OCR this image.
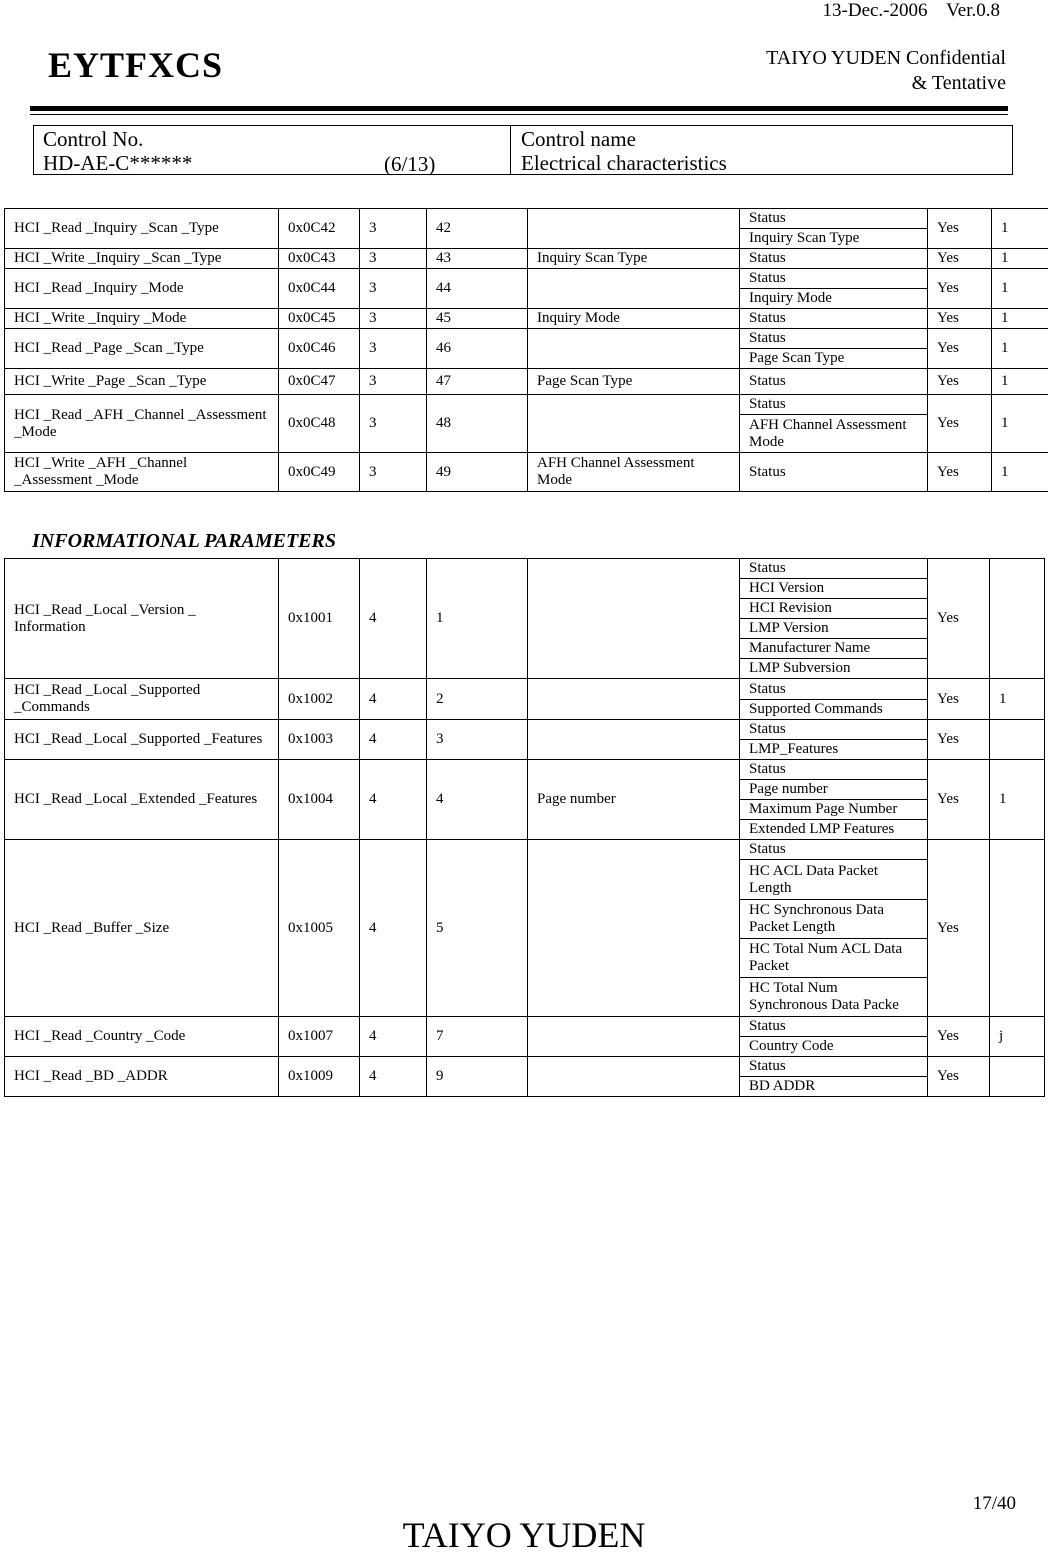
13-Dec.-2006    Ver.0.8
EYTFXCS	TAIYO YUDEN Confidential
& Tentative
Control No.
HD-AE-C******	(6/13)
Control name
Electrical characteristics
HCI _Read _Inquiry _Scan _Type	0x0C42	3	42		Status	Yes	1
					Inquiry Scan Type		
HCI _Write _Inquiry _Scan _Type	0x0C43	3	43	Inquiry Scan Type	Status	Yes	1
HCI _Read _Inquiry _Mode	0x0C44	3	44		Status	Yes	1
					Inquiry Mode		
HCI _Write _Inquiry _Mode	0x0C45	3	45	Inquiry Mode	Status	Yes	1
HCI _Read _Page _Scan _Type	0x0C46	3	46		Status	Yes	1
					Page Scan Type		
HCI _Write _Page _Scan _Type	0x0C47	3	47	Page Scan Type	Status	Yes	1
HCI _Read _AFH _Channel _Assessment _Mode	0x0C48	3	48		Status	Yes	1
					AFH Channel Assessment Mode		
HCI _Write _AFH _Channel _Assessment _Mode	0x0C49	3	49	AFH Channel Assessment Mode	Status	Yes	1
INFORMATIONAL PARAMETERS
HCI _Read _Local _Version _ Information	0x1001	4	1		Status	Yes	
					HCI Version		
					HCI Revision		
					LMP Version		
					Manufacturer Name		
					LMP Subversion		
HCI _Read _Local _Supported _Commands	0x1002	4	2		Status	Yes	1
					Supported Commands		
HCI _Read _Local _Supported _Features	0x1003	4	3		Status	Yes	
					LMP_Features		
HCI _Read _Local _Extended _Features	0x1004	4	4	Page number	Status	Yes	1
					Page number		
					Maximum Page Number		
					Extended LMP Features		
HCI _Read _Buffer _Size	0x1005	4	5		Status	Yes	
					HC ACL Data Packet Length		
					HC Synchronous Data Packet Length		
					HC Total Num ACL Data Packet		
					HC Total Num Synchronous Data Packe		
HCI _Read _Country _Code	0x1007	4	7		Status	Yes	j
					Country Code		
HCI _Read _BD _ADDR	0x1009	4	9		Status	Yes	
					BD ADDR		
17/40
TAIYO YUDEN
